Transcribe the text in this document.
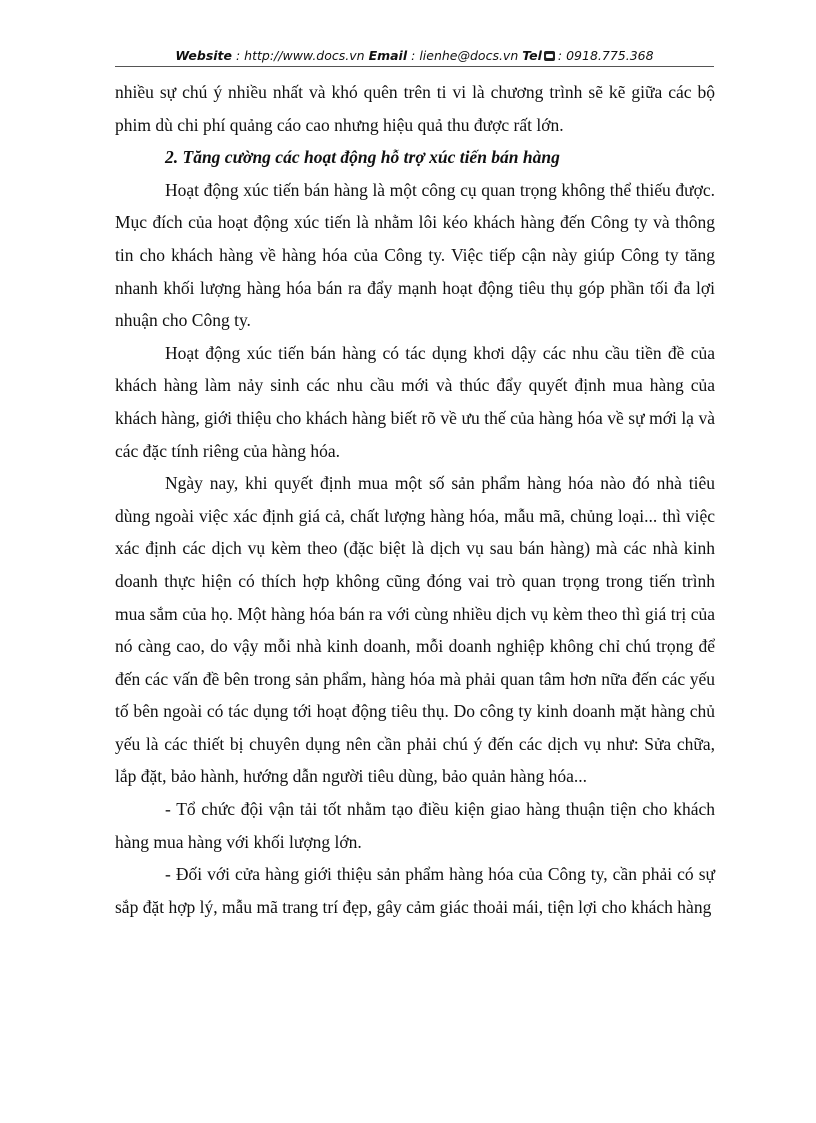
Website : http://www.docs.vn Email : lienhe@docs.vn Tel : 0918.775.368

nhiều sự chú ý nhiều nhất và khó quên trên ti vi là chương trình sẽ kẽ giữa các bộ phim dù chi phí quảng cáo cao nhưng hiệu quả thu được rất lớn.

2. Tăng cường các hoạt động hỗ trợ xúc tiến bán hàng

Hoạt động xúc tiến bán hàng là một công cụ quan trọng không thể thiếu được. Mục đích của hoạt động xúc tiến là nhằm lôi kéo khách hàng đến Công ty và thông tin cho khách hàng về hàng hóa của Công ty. Việc tiếp cận này giúp Công ty tăng nhanh khối lượng hàng hóa bán ra đẩy mạnh hoạt động tiêu thụ góp phần tối đa lợi nhuận cho Công ty.

Hoạt động xúc tiến bán hàng có tác dụng khơi dậy các nhu cầu tiền đề của khách hàng làm nảy sinh các nhu cầu mới và thúc đẩy quyết định mua hàng của khách hàng, giới thiệu cho khách hàng biết rõ về ưu thế của hàng hóa về sự mới lạ và các đặc tính riêng của hàng hóa.

Ngày nay, khi quyết định mua một số sản phẩm hàng hóa nào đó nhà tiêu dùng ngoài việc xác định giá cả, chất lượng hàng hóa, mẫu mã, chủng loại... thì việc xác định các dịch vụ kèm theo (đặc biệt là dịch vụ sau bán hàng) mà các nhà kinh doanh thực hiện có thích hợp không cũng đóng vai trò quan trọng trong tiến trình mua sắm của họ. Một hàng hóa bán ra với cùng nhiều dịch vụ kèm theo thì giá trị của nó càng cao, do vậy mỗi nhà kinh doanh, mỗi doanh nghiệp không chỉ chú trọng để đến các vấn đề bên trong sản phẩm, hàng hóa mà phải quan tâm hơn nữa đến các yếu tố bên ngoài có tác dụng tới hoạt động tiêu thụ. Do công ty kinh doanh mặt hàng chủ yếu là các thiết bị chuyên dụng nên cần phải chú ý đến các dịch vụ như: Sửa chữa, lắp đặt, bảo hành, hướng dẫn người tiêu dùng, bảo quản hàng hóa...

- Tổ chức đội vận tải tốt nhằm tạo điều kiện giao hàng thuận tiện cho khách hàng mua hàng với khối lượng lớn.

- Đối với cửa hàng giới thiệu sản phẩm hàng hóa của Công ty, cần phải có sự sắp đặt hợp lý, mẫu mã trang trí đẹp, gây cảm giác thoải mái, tiện lợi cho khách hàng
